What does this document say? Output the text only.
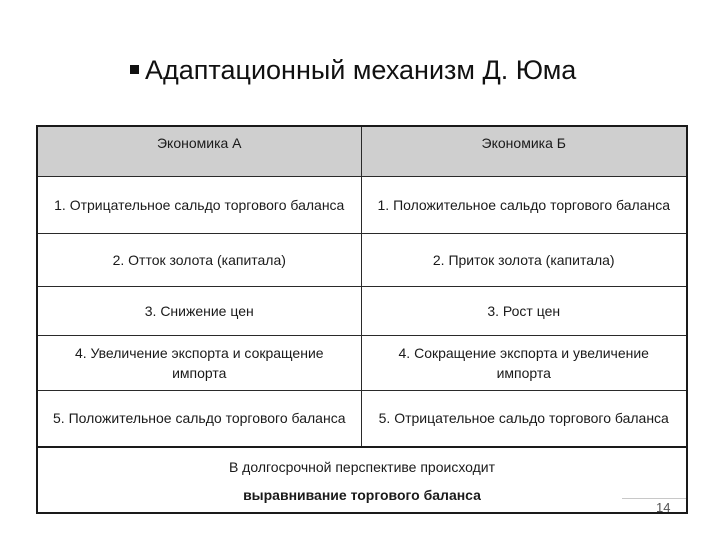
Адаптационный механизм Д. Юма
Экономика А	Экономика Б
1. Отрицательное сальдо торгового баланса	1. Положительное сальдо торгового баланса
2. Отток золота (капитала)	2. Приток золота (капитала)
3. Снижение цен	3. Рост цен
4. Увеличение экспорта и сокращение импорта	4. Сокращение экспорта и увеличение импорта
5. Положительное сальдо торгового баланса	5. Отрицательное сальдо торгового баланса

В долгосрочной перспективе происходит
выравнивание торгового баланса	
14
